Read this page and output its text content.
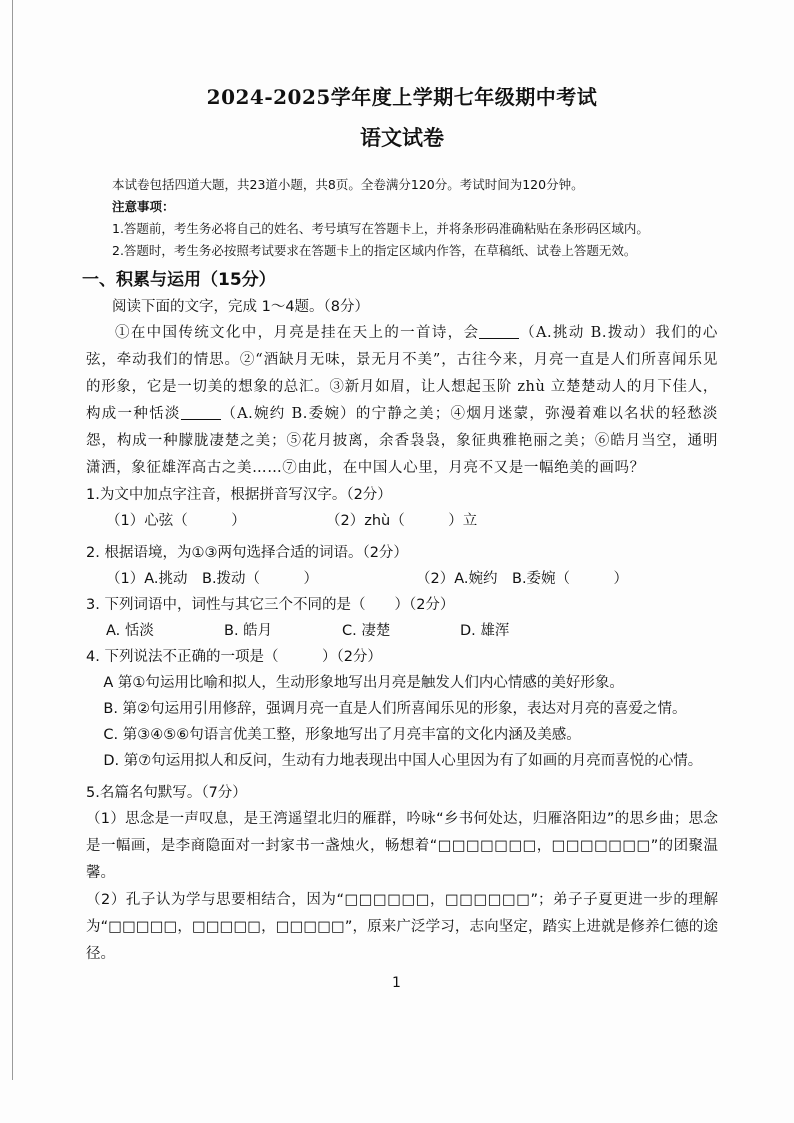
2024-2025学年度上学期七年级期中考试
语文试卷
本试卷包括四道大题，共23道小题，共8页。全卷满分120分。考试时间为120分钟。
注意事项：
1.答题前，考生务必将自己的姓名、考号填写在答题卡上，并将条形码准确粘贴在条形码区域内。
2.答题时，考生务必按照考试要求在答题卡上的指定区域内作答，在草稿纸、试卷上答题无效。
一、积累与运用（15分）
阅读下面的文字，完成 1～4题。（8分）

①在中国传统文化中，月亮是挂在天上的一首诗，会	（A.挑动 B.拨动）我们的心弦，牵动我们的情思。②“酒缺月无味，景无月不美”，古往今来，月亮一直是人们所喜闻乐见的形象，它是一切美的想象的总汇。③新月如眉，让人想起玉阶 zhù 立楚楚动人的月下佳人，构成一种恬淡	（A.婉约 B.委婉）的宁静之美；④烟月迷蒙，弥漫着难以名状的轻愁淡怨，构成一种朦胧凄楚之美；⑤花月披离，余香袅袅，象征典雅艳丽之美；⑥皓月当空，通明潇洒，象征雄浑高古之美……⑦由此，在中国人心里，月亮不又是一幅绝美的画吗？

1.为文中加点字注音，根据拼音写汉字。（2分）

（1）心弦（　　　）	（2）zhù（　　　）立

2. 根据语境，为①③两句选择合适的词语。（2分）

（1）A.挑动　B.拨动（　　　）	（2）A.婉约　B.委婉（　　　）

3. 下列词语中，词性与其它三个不同的是（　　）（2分）

A. 恬淡	B. 皓月	C. 凄楚	D. 雄浑

4. 下列说法不正确的一项是（　　　）（2分）

A 第①句运用比喻和拟人，生动形象地写出月亮是触发人们内心情感的美好形象。

B. 第②句运用引用修辞，强调月亮一直是人们所喜闻乐见的形象，表达对月亮的喜爱之情。

C. 第③④⑤⑥句语言优美工整，形象地写出了月亮丰富的文化内涵及美感。

D. 第⑦句运用拟人和反问，生动有力地表现出中国人心里因为有了如画的月亮而喜悦的心情。

5.名篇名句默写。（7分）

（1）思念是一声叹息，是王湾遥望北归的雁群，吟咏“乡书何处达，归雁洛阳边”的思乡曲；思念是一幅画，是李商隐面对一封家书一盏烛火，畅想着“□□□□□□□，□□□□□□□”的团聚温馨。

（2）孔子认为学与思要相结合，因为“□□□□□□，□□□□□□”；弟子子夏更进一步的理解为“□□□□□，□□□□□，□□□□□”，原来广泛学习，志向坚定，踏实上进就是修养仁德的途径。

1
